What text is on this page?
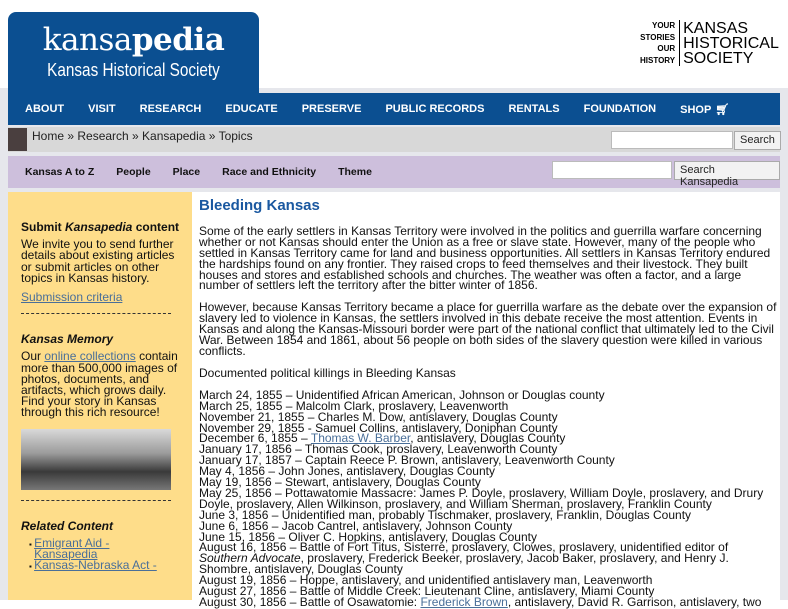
kansapedia
Kansas Historical Society
YOUR
STORIES
OUR
HISTORY
KANSAS
HISTORICAL
SOCIETY
ABOUT VISIT RESEARCH EDUCATE PRESERVE PUBLIC RECORDS RENTALS FOUNDATION SHOP 🛒︎
Home » Research » Kansapedia » Topics	Search
Kansas A to Z People Place Race and Ethnicity Theme	Search Kansapedia
Submit Kansapedia content

We invite you to send further details about existing articles or submit articles on other topics in Kansas history.

Submission criteria

Kansas Memory

Our online collections contain more than 500,000 images of photos, documents, and artifacts, which grows daily. Find your story in Kansas through this rich resource!

Related Content
▪ Emigrant Aid - Kansapedia
▪ Kansas-Nebraska Act -
Bleeding Kansas

Some of the early settlers in Kansas Territory were involved in the politics and guerrilla warfare concerning whether or not Kansas should enter the Union as a free or slave state. However, many of the people who settled in Kansas Territory came for land and business opportunities. All settlers in Kansas Territory endured the hardships found on any frontier. They raised crops to feed themselves and their livestock. They built houses and stores and established schools and churches. The weather was often a factor, and a large number of settlers left the territory after the bitter winter of 1856.

However, because Kansas Territory became a place for guerrilla warfare as the debate over the expansion of slavery led to violence in Kansas, the settlers involved in this debate receive the most attention. Events in Kansas and along the Kansas-Missouri border were part of the national conflict that ultimately led to the Civil War. Between 1854 and 1861, about 56 people on both sides of the slavery question were killed in various conflicts.

Documented political killings in Bleeding Kansas

March 24, 1855 – Unidentified African American, Johnson or Douglas county
March 25, 1855 – Malcolm Clark, proslavery, Leavenworth
November 21, 1855 – Charles M. Dow, antislavery, Douglas County
November 29, 1855 - Samuel Collins, antislavery, Doniphan County
December 6, 1855 – Thomas W. Barber, antislavery, Douglas County
January 17, 1856 – Thomas Cook, proslavery, Leavenworth County
January 17, 1857 – Captain Reece P. Brown, antislavery, Leavenworth County
May 4, 1856 – John Jones, antislavery, Douglas County
May 19, 1856 – Stewart, antislavery, Douglas County
May 25, 1856 – Pottawatomie Massacre: James P. Doyle, proslavery, William Doyle, proslavery, and Drury Doyle, proslavery, Allen Wilkinson, proslavery, and William Sherman, proslavery, Franklin County
June 3, 1856 – Unidentified man, probably Tischmaker, proslavery, Franklin, Douglas County
June 6, 1856 – Jacob Cantrel, antislavery, Johnson County
June 15, 1856 – Oliver C. Hopkins, antislavery, Douglas County
August 16, 1856 – Battle of Fort Titus, Sisterre, proslavery, Clowes, proslavery, unidentified editor of Southern Advocate, proslavery, Frederick Beeker, proslavery, Jacob Baker, proslavery, and Henry J. Shombre, antislavery, Douglas County
August 19, 1856 – Hoppe, antislavery, and unidentified antislavery man, Leavenworth
August 27, 1856 – Battle of Middle Creek: Lieutenant Cline, antislavery, Miami County
August 30, 1856 – Battle of Osawatomie: Frederick Brown, antislavery, David R. Garrison, antislavery, two
